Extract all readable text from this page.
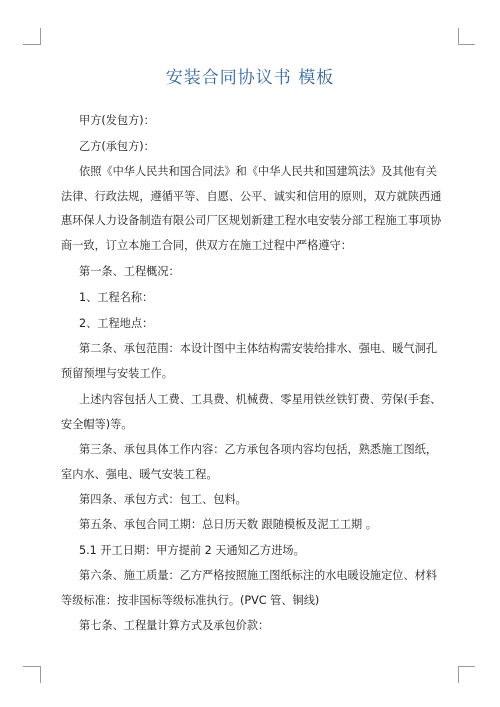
安装合同协议书 模板

甲方(发包方)：

乙方(承包方)：

依照《中华人民共和国合同法》和《中华人民共和国建筑法》及其他有关法律、行政法规，遵循平等、自愿、公平、诚实和信用的原则，双方就陕西通惠环保人力设备制造有限公司厂区规划新建工程水电安装分部工程施工事项协商一致，订立本施工合同，供双方在施工过程中严格遵守：

第一条、工程概况：

1、工程名称：

2、工程地点：

第二条、承包范围：本设计图中主体结构需安装给排水、强电、暖气洞孔预留预埋与安装工作。

上述内容包括人工费、工具费、机械费、零星用铁丝铁钉费、劳保(手套、安全帽等)等。

第三条、承包具体工作内容：乙方承包各项内容均包括，熟悉施工图纸，室内水、强电、暖气安装工程。

第四条、承包方式：包工、包料。

第五条、承包合同工期：总日历天数 跟随模板及泥工工期 。

5.1 开工日期：甲方提前 2 天通知乙方进场。

第六条、施工质量：乙方严格按照施工图纸标注的水电暖设施定位、材料等级标准：按非国标等级标准执行。(PVC 管、铜线)

第七条、工程量计算方式及承包价款：
